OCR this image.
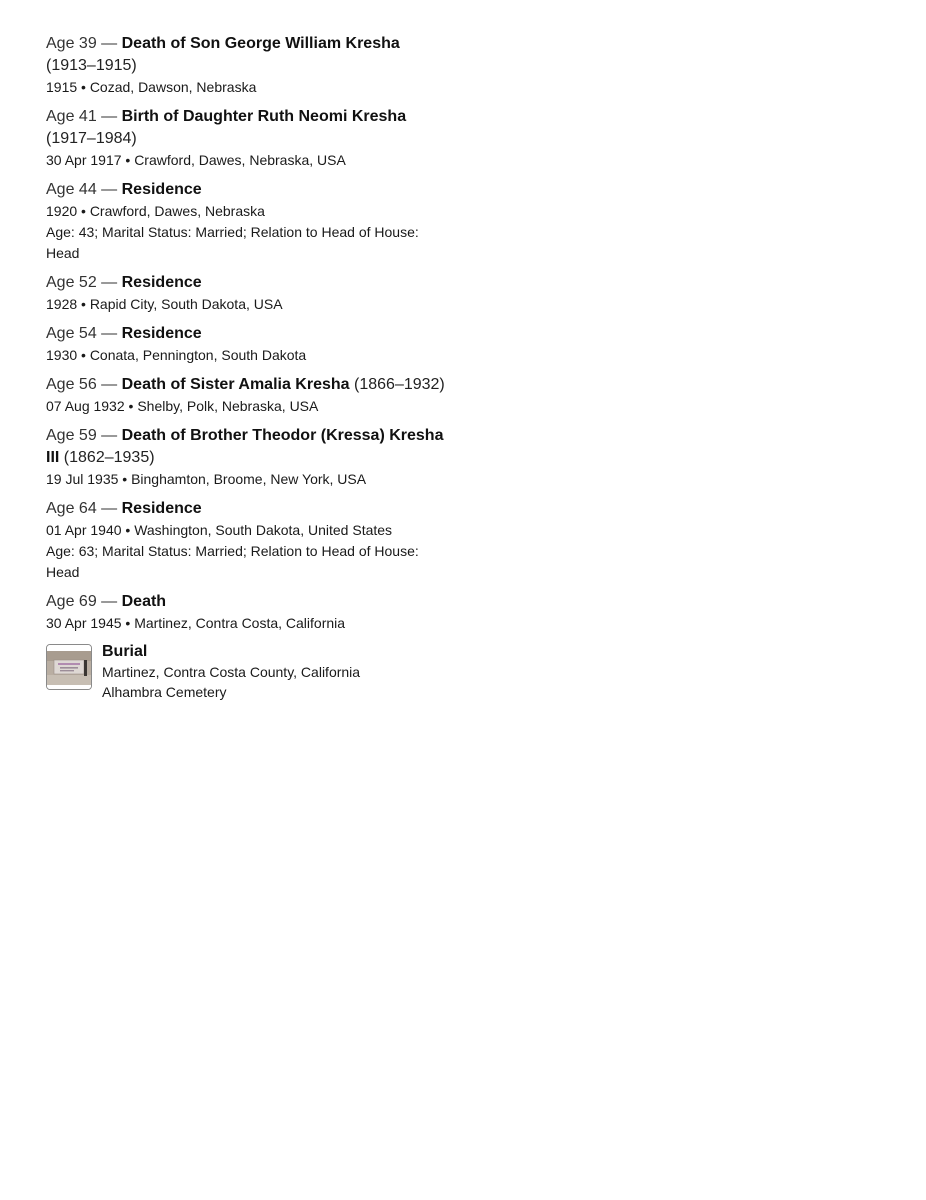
Age 39 — Death of Son George William Kresha (1913–1915)
1915 • Cozad, Dawson, Nebraska
Age 41 — Birth of Daughter Ruth Neomi Kresha (1917–1984)
30 Apr 1917 • Crawford, Dawes, Nebraska, USA
Age 44 — Residence
1920 • Crawford, Dawes, Nebraska
Age: 43; Marital Status: Married; Relation to Head of House: Head
Age 52 — Residence
1928 • Rapid City, South Dakota, USA
Age 54 — Residence
1930 • Conata, Pennington, South Dakota
Age 56 — Death of Sister Amalia Kresha (1866–1932)
07 Aug 1932 • Shelby, Polk, Nebraska, USA
Age 59 — Death of Brother Theodor (Kressa) Kresha III (1862–1935)
19 Jul 1935 • Binghamton, Broome, New York, USA
Age 64 — Residence
01 Apr 1940 • Washington, South Dakota, United States
Age: 63; Marital Status: Married; Relation to Head of House: Head
Age 69 — Death
30 Apr 1945 • Martinez, Contra Costa, California
Burial
Martinez, Contra Costa County, California
Alhambra Cemetery
